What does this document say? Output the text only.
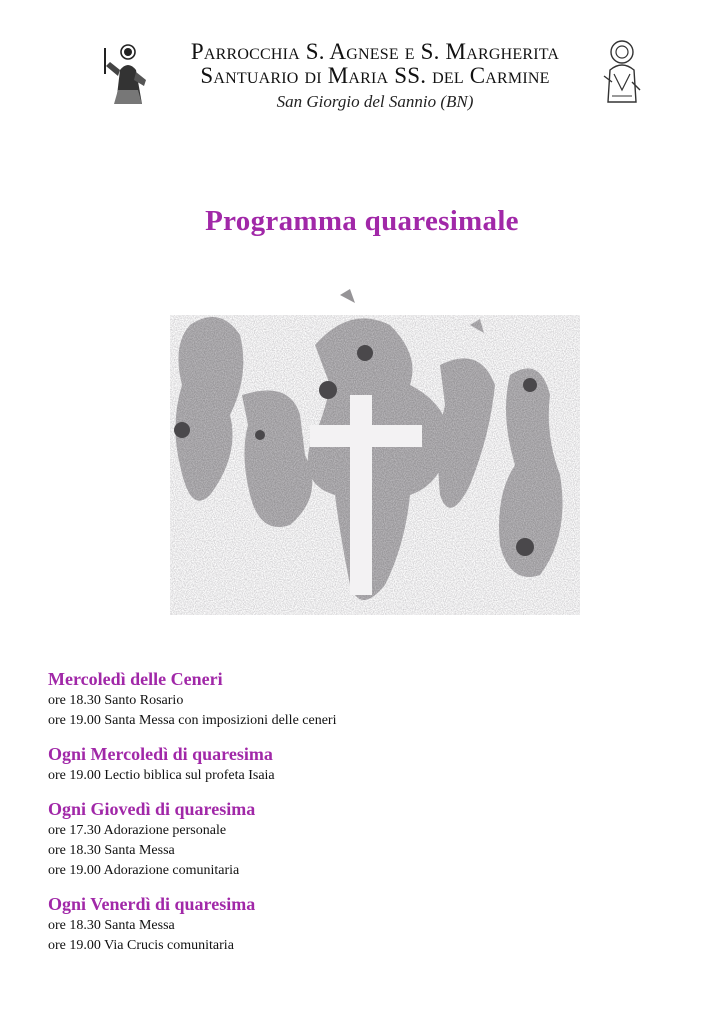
Parrocchia S. Agnese e S. Margherita
Santuario di Maria SS. del Carmine
San Giorgio del Sannio (BN)
Programma quaresimale
Mercoledì delle Ceneri
ore 18.30 Santo Rosario
ore 19.00 Santa Messa con imposizioni delle ceneri
Ogni Mercoledì di quaresima
ore 19.00 Lectio biblica sul profeta Isaia
Ogni Giovedì di quaresima
ore 17.30 Adorazione personale
ore 18.30 Santa Messa
ore 19.00 Adorazione comunitaria
Ogni Venerdì di quaresima
ore 18.30 Santa Messa
ore 19.00 Via Crucis comunitaria
